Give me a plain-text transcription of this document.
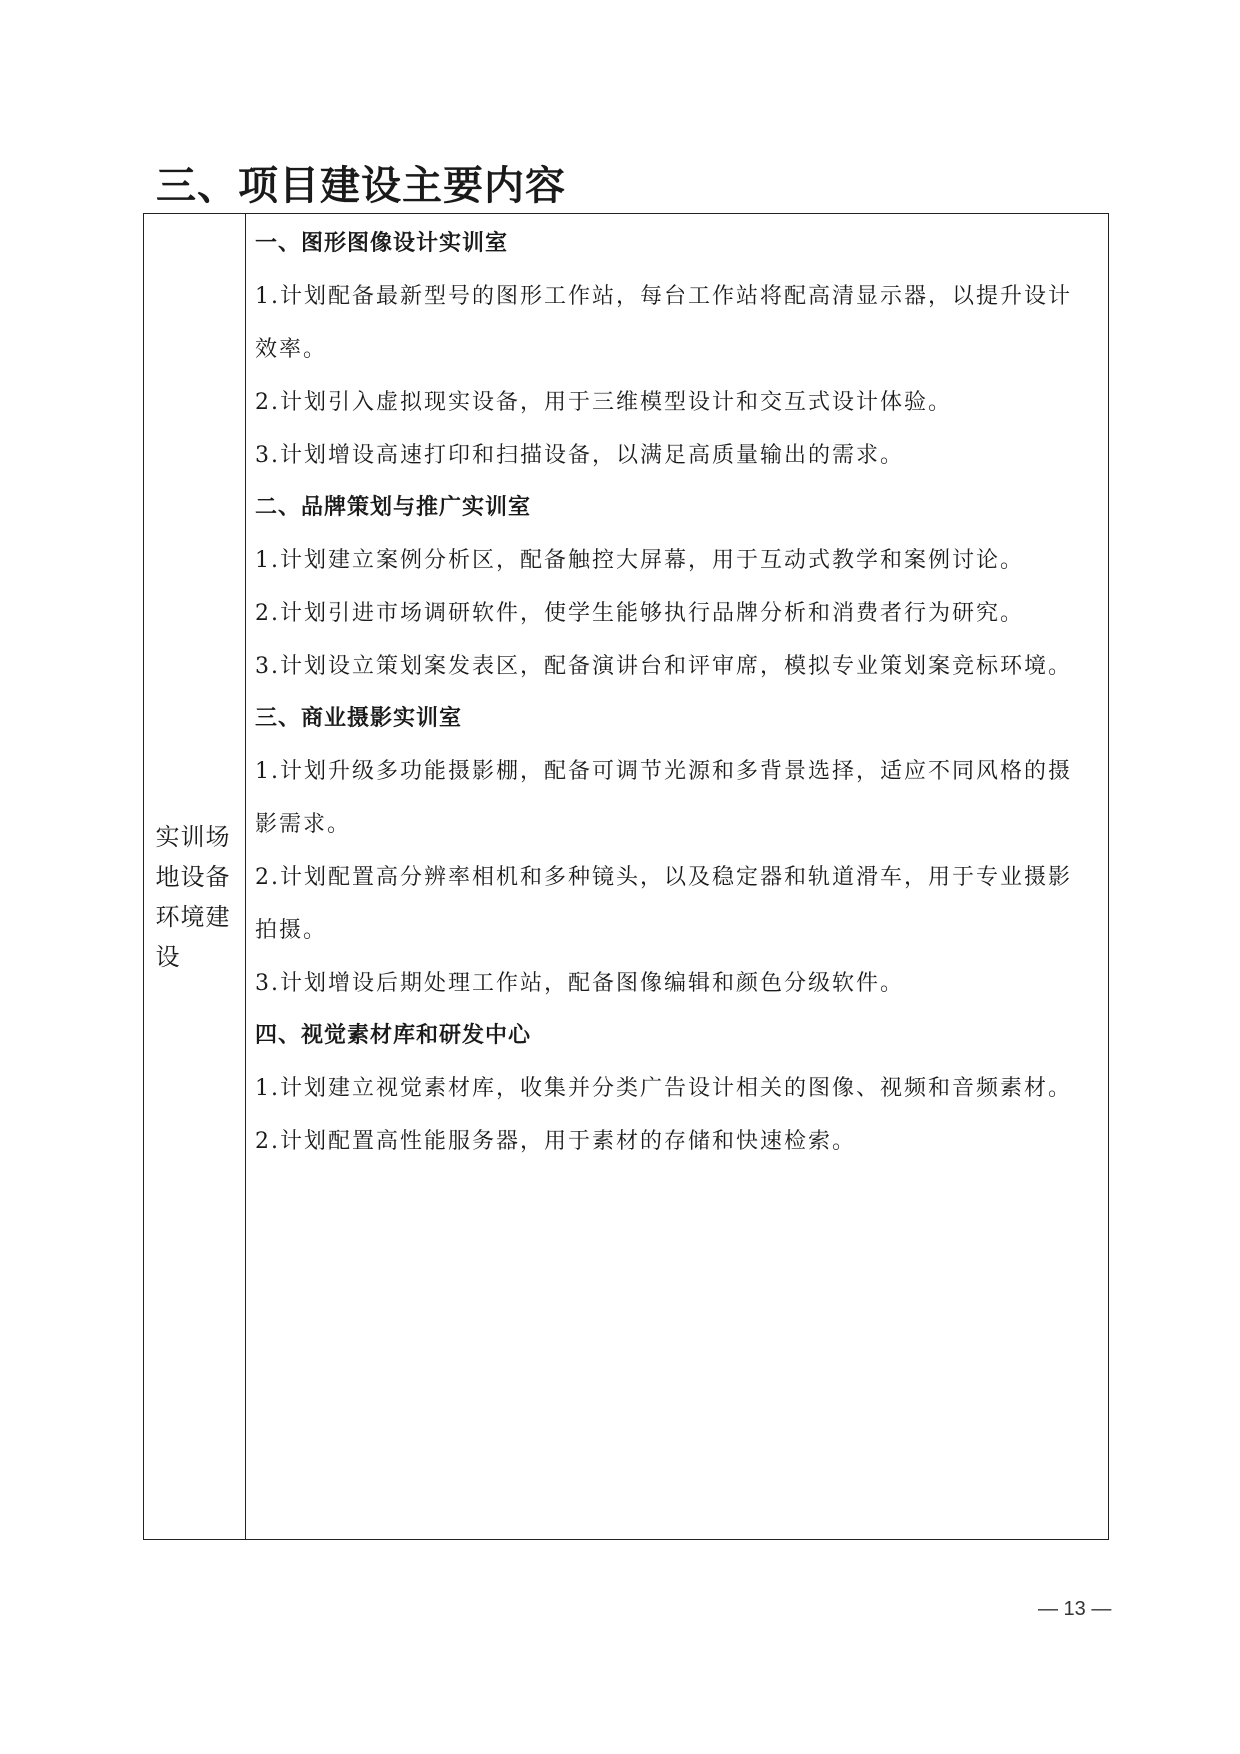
三、项目建设主要内容
实训场地设备环境建设
一、图形图像设计实训室
1.计划配备最新型号的图形工作站，每台工作站将配高清显示器，以提升设计效率。
2.计划引入虚拟现实设备，用于三维模型设计和交互式设计体验。
3.计划增设高速打印和扫描设备，以满足高质量输出的需求。
二、品牌策划与推广实训室
1.计划建立案例分析区，配备触控大屏幕，用于互动式教学和案例讨论。
2.计划引进市场调研软件，使学生能够执行品牌分析和消费者行为研究。
3.计划设立策划案发表区，配备演讲台和评审席，模拟专业策划案竞标环境。
三、商业摄影实训室
1.计划升级多功能摄影棚，配备可调节光源和多背景选择，适应不同风格的摄影需求。
2.计划配置高分辨率相机和多种镜头，以及稳定器和轨道滑车，用于专业摄影拍摄。
3.计划增设后期处理工作站，配备图像编辑和颜色分级软件。
四、视觉素材库和研发中心
1.计划建立视觉素材库，收集并分类广告设计相关的图像、视频和音频素材。
2.计划配置高性能服务器，用于素材的存储和快速检索。
— 13 —
